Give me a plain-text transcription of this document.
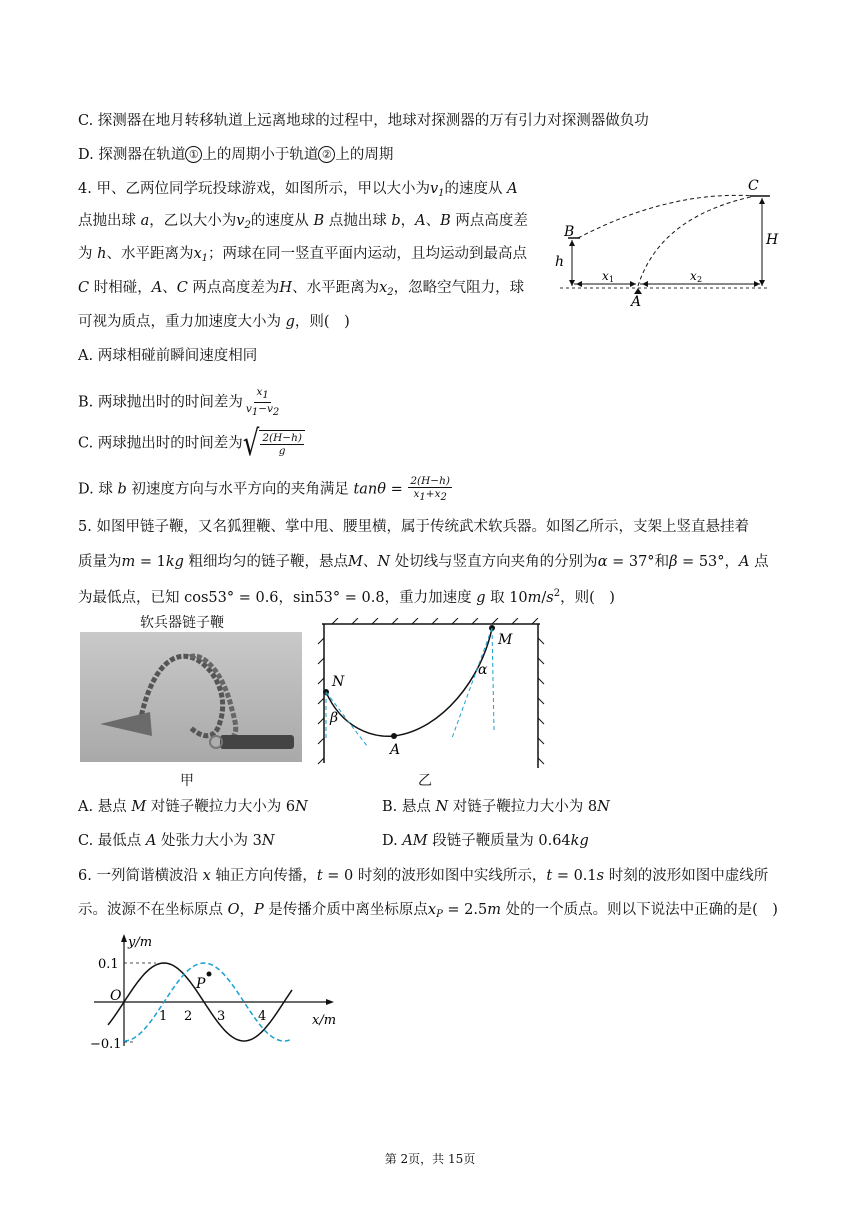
C. 探测器在地月转移轨道上远离地球的过程中，地球对探测器的万有引力对探测器做负功
D. 探测器在轨道 ① 上的周期小于轨道 ② 上的周期
4. 甲、乙两位同学玩投球游戏，如图所示，甲以大小为$v_1$的速度从 A
点抛出球 a，乙以大小为$v_2$的速度从 B 点抛出球 b，A、B 两点高度差
为 h、水平距离为$x_1$；两球在同一竖直平面内运动，且均运动到最高点
C 时相碰，A、C 两点高度差为H、水平距离为$x_2$，忽略空气阻力，球
可视为质点，重力加速度大小为 g，则(　)
A. 两球相碰前瞬间速度相同
B. 两球抛出时的时间差为 $\frac{x1}{v1-v2}$
C. 两球抛出时的时间差为 √ $\frac{2(H-h)}{g}$
D. 球 b 初速度方向与水平方向的夹角满足 $\tan\theta = \frac{2(H-h)}{x1+x2}$
B
C
A
h
H
x 1	x 2
5. 如图甲链子鞭，又名狐狸鞭、掌中甩、腰里横，属于传统武术软兵器。如图乙所示，支架上竖直悬挂着
质量为m = 1kg 粗细均匀的链子鞭，悬点M、N 处切线与竖直方向夹角的分别为α = 37°和β = 53°，A 点
为最低点，已知 cos53° = 0.6，sin53° = 0.8，重力加速度 g 取 $10m/s^2$，则(　)
软兵器链子鞭
甲
N
A
M
α
β
乙
A. 悬点 M 对链子鞭拉力大小为 6N	B. 悬点 N 对链子鞭拉力大小为 8N
C. 最低点 A 处张力大小为 3N	D. AM 段链子鞭质量为 0.64kg
6. 一列简谐横波沿 x 轴正方向传播，t = 0 时刻的波形如图中实线所示，t = 0.1s 时刻的波形如图中虚线所
示。波源不在坐标原点 O，P 是传播介质中离坐标原点$x_P = 2.5m$ 处的一个质点。则以下说法中正确的是(　)
y/m
x/m
0.1
−0.1
O
P
1 2 3	4
第 2页，共 15页
